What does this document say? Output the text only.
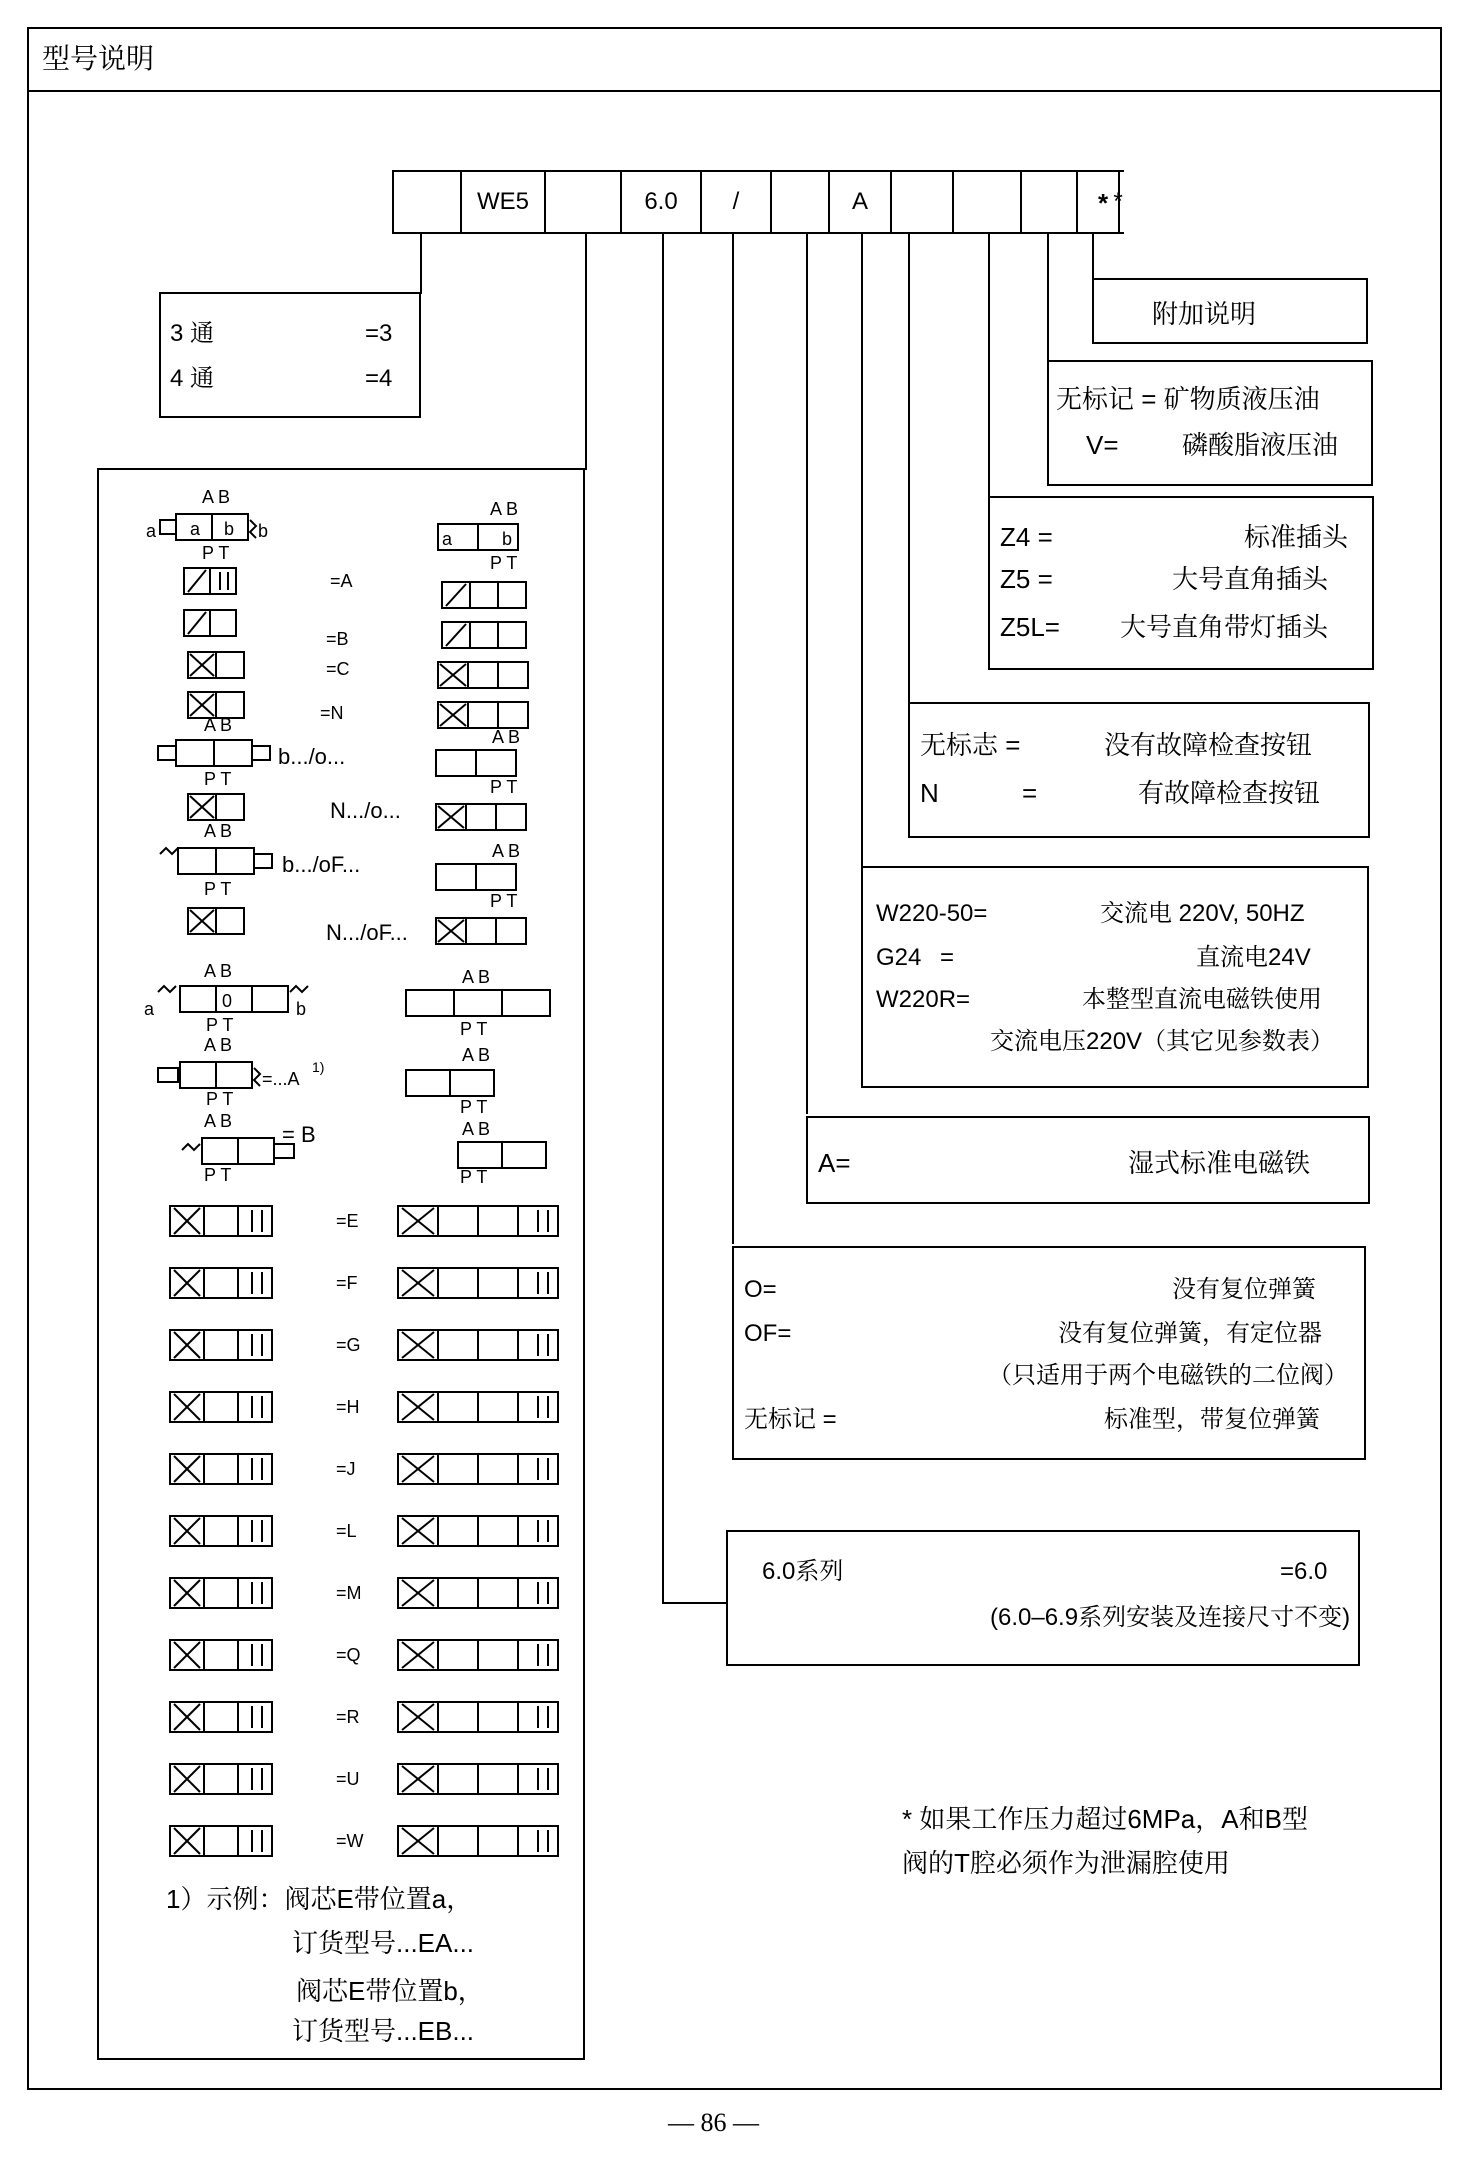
型号说明
WE5	6.0	/	A	*
*
3 通	=3
4 通	=4
附加说明
无标记 = 矿物质液压油
V= 磷酸脂液压油
Z4 =	标准插头
Z5 =	大号直角插头
Z5L= 大号直角带灯插头
无标志 =	没有故障检查按钮
N	=	有故障检查按钮
W220-50=	交流电 220V, 50HZ
G24 =	直流电24V
W220R=	本整型直流电磁铁使用
交流电压220V（其它见参数表）
A=	湿式标准电磁铁
O=	没有复位弹簧
OF=	没有复位弹簧，有定位器
（只适用于两个电磁铁的二位阀）
无标记 =	标准型，带复位弹簧
6.0系列	=6.0
(6.0–6.9系列安装及连接尺寸不变)
* 如果工作压力超过6MPa，A和B型
阀的T腔必须作为泄漏腔使用
A B
a a b b
P T
A B
a	b
P T
=A
=B
=C
=N
A B
b.../o...
P T
A B
P T
N.../o...
A B
b.../oF...
P T
A B
P T
N.../oF...
A B
a	0	b
P T
A B
P T
A B
=...A
1)
P T
A B
P T
A B
= B
P T
A B
P T
=E
=F
=G
=H
=J
=L
=M
=Q
=R
=U
=W
1）示例：阀芯E带位置a，
订货型号...EA...
阀芯E带位置b，
订货型号...EB...
— 86 —
